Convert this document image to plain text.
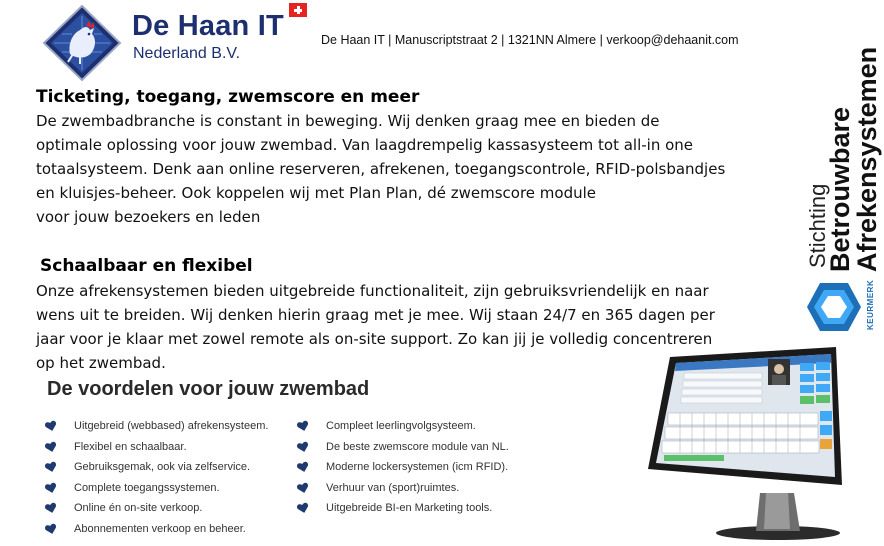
De Haan IT
Nederland B.V.
De Haan IT | Manuscriptstraat 2 | 1321NN Almere | verkoop@dehaanit.com
Ticketing, toegang, zwemscore en meer
De zwembadbranche is constant in beweging. Wij denken graag mee en bieden de
optimale oplossing voor jouw zwembad. Van laagdrempelig kassasysteem tot all-in one
totaalsysteem. Denk aan online reserveren, afrekenen, toegangscontrole, RFID-polsbandjes
en kluisjes-beheer. Ook koppelen wij met Plan Plan, dé zwemscore module
voor jouw bezoekers en leden
Schaalbaar en flexibel
Onze afrekensystemen bieden uitgebreide functionaliteit, zijn gebruiksvriendelijk en naar
wens uit te breiden. Wij denken hierin graag met je mee. Wij staan 24/7 en 365 dagen per
jaar voor je klaar met zowel remote als on-site support. Zo kan jij je volledig concentreren
op het zwembad.
Stichting
Betrouwbare
Afrekensystemen
KEURMERK
De voordelen voor jouw zwembad
Uitgebreid (webbased) afrekensysteem.
Flexibel en schaalbaar.
Gebruiksgemak, ook via zelfservice.
Complete toegangssystemen.
Online én on-site verkoop.
Abonnementen verkoop en beheer.
Compleet leerlingvolgsysteem.
De beste zwemscore module van NL.
Moderne lockersystemen (icm RFID).
Verhuur van (sport)ruimtes.
Uitgebreide BI-en Marketing tools.
